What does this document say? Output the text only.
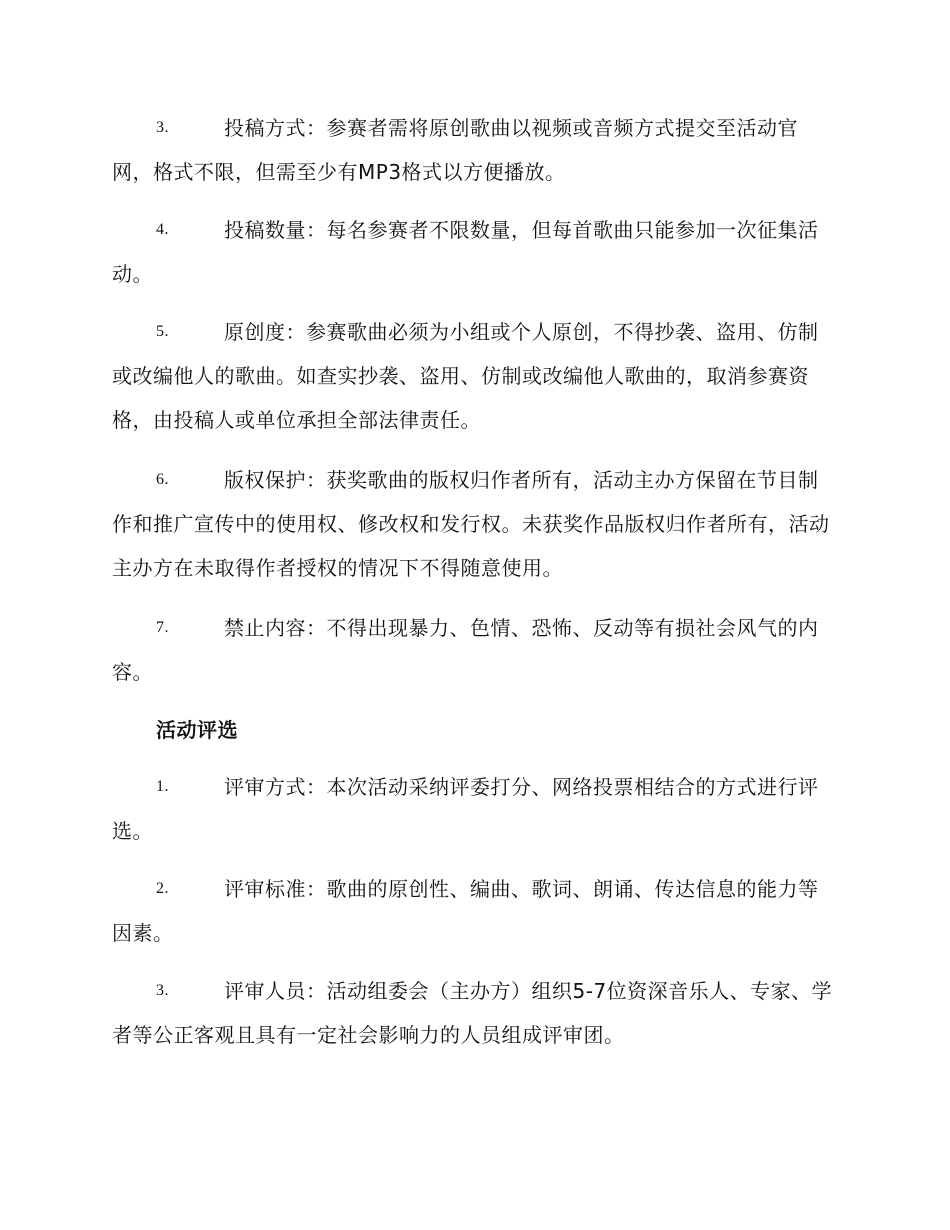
3.	投稿方式：参赛者需将原创歌曲以视频或音频方式提交至活动官网，格式不限，但需至少有MP3格式以方便播放。
4.	投稿数量：每名参赛者不限数量，但每首歌曲只能参加一次征集活动。
5.	原创度：参赛歌曲必须为小组或个人原创，不得抄袭、盗用、仿制或改编他人的歌曲。如查实抄袭、盗用、仿制或改编他人歌曲的，取消参赛资格，由投稿人或单位承担全部法律责任。
6.	版权保护：获奖歌曲的版权归作者所有，活动主办方保留在节目制作和推广宣传中的使用权、修改权和发行权。未获奖作品版权归作者所有，活动主办方在未取得作者授权的情况下不得随意使用。
7.	禁止内容：不得出现暴力、色情、恐怖、反动等有损社会风气的内容。
活动评选
1.	评审方式：本次活动采纳评委打分、网络投票相结合的方式进行评选。
2.	评审标准：歌曲的原创性、编曲、歌词、朗诵、传达信息的能力等因素。
3.	评审人员：活动组委会（主办方）组织5-7位资深音乐人、专家、学者等公正客观且具有一定社会影响力的人员组成评审团。
